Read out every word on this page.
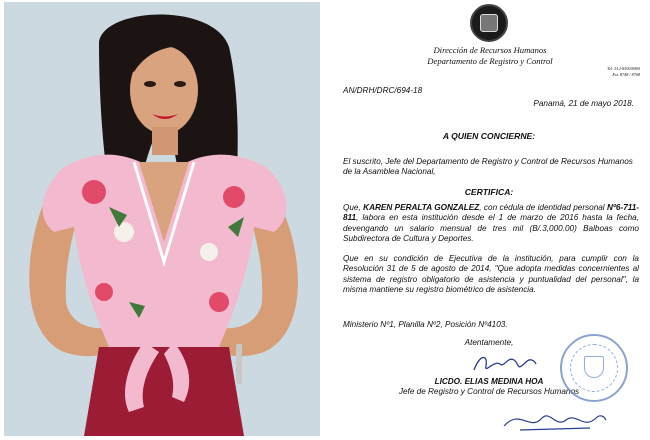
Dirección de Recursos Humanos
Departamento de Registro y Control
Tel: 512-8300/8400
Ext. 8748 / 8768
AN/DRH/DRC/694-18
Panamá, 21 de mayo 2018.
A QUIEN CONCIERNE:
El suscrito, Jefe del Departamento de Registro y Control de Recursos Humanos de la Asamblea Nacional,
CERTIFICA:
Que, KAREN PERALTA GONZALEZ, con cédula de identidad personal Nº6-711-811, labora en esta institución desde el 1 de marzo de 2016 hasta la fecha, devengando un salario mensual de tres mil (B/.3,000.00) Balboas como Subdirectora de Cultura y Deportes.
Que en su condición de Ejecutiva de la institución, para cumplir con la Resolución 31 de 5 de agosto de 2014, "Que adopta medidas concernientes al sistema de registro obligatorio de asistencia y puntualidad del personal", la misma mantiene su registro biométrico de asistencia.
Ministerio Nº1, Planilla Nº2, Posición Nº4103.
Atentamente,
LICDO. ELIAS MEDINA HOA
Jefe de Registro y Control de Recursos Humanos
